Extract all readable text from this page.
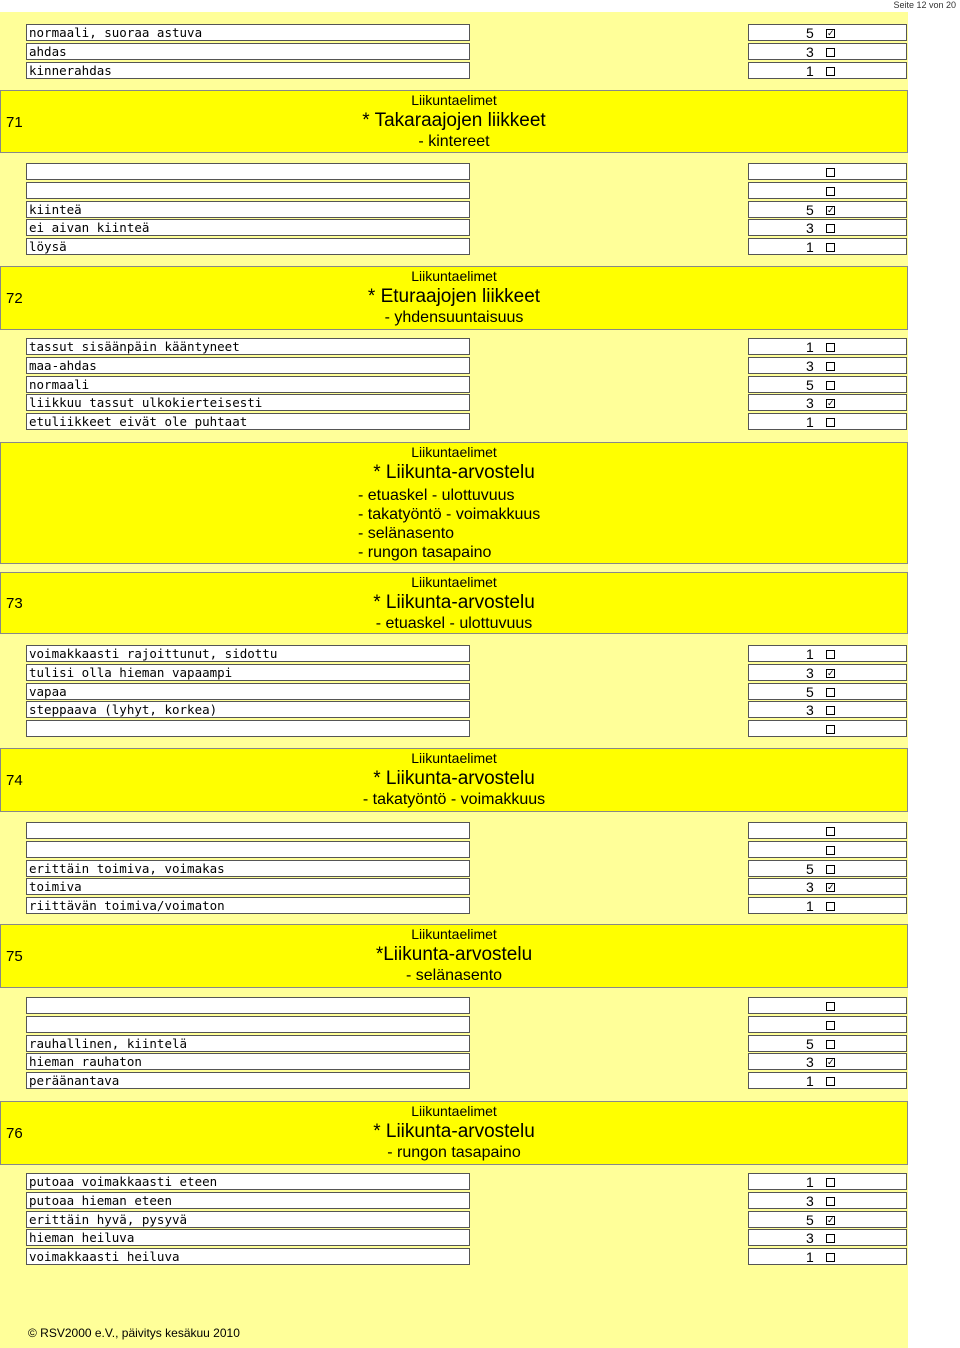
Seite 12 von 20
normaali, suoraa astuva	5 ✓
ahdas	3
kinnerahdas	1
71
Liikuntaelimet
* Takaraajojen liikkeet
- kintereet
kiinteä	5 ✓
ei aivan kiinteä	3
löysä	1
72
Liikuntaelimet
* Eturaajojen liikkeet
- yhdensuuntaisuus
tassut sisäänpäin kääntyneet	1
maa-ahdas	3
normaali	5
liikkuu tassut ulkokierteisesti	3 ✓
etuliikkeet eivät ole puhtaat	1
Liikuntaelimet
* Liikunta-arvostelu
- etuaskel - ulottuvuus
- takatyöntö - voimakkuus
- selänasento
- rungon tasapaino
73
Liikuntaelimet
* Liikunta-arvostelu
- etuaskel - ulottuvuus
voimakkaasti rajoittunut, sidottu	1
tulisi olla hieman vapaampi	3 ✓
vapaa	5
steppaava (lyhyt, korkea)	3
74
Liikuntaelimet
* Liikunta-arvostelu
- takatyöntö - voimakkuus
erittäin toimiva, voimakas	5
toimiva	3 ✓
riittävän toimiva/voimaton	1
75
Liikuntaelimet
*Liikunta-arvostelu
- selänasento
rauhallinen, kiintelä	5
hieman rauhaton	3 ✓
peräänantava	1
76
Liikuntaelimet
* Liikunta-arvostelu
- rungon tasapaino
putoaa voimakkaasti eteen	1
putoaa hieman eteen	3
erittäin hyvä, pysyvä	5 ✓
hieman heiluva	3
voimakkaasti heiluva	1
© RSV2000 e.V., päivitys kesäkuu 2010
